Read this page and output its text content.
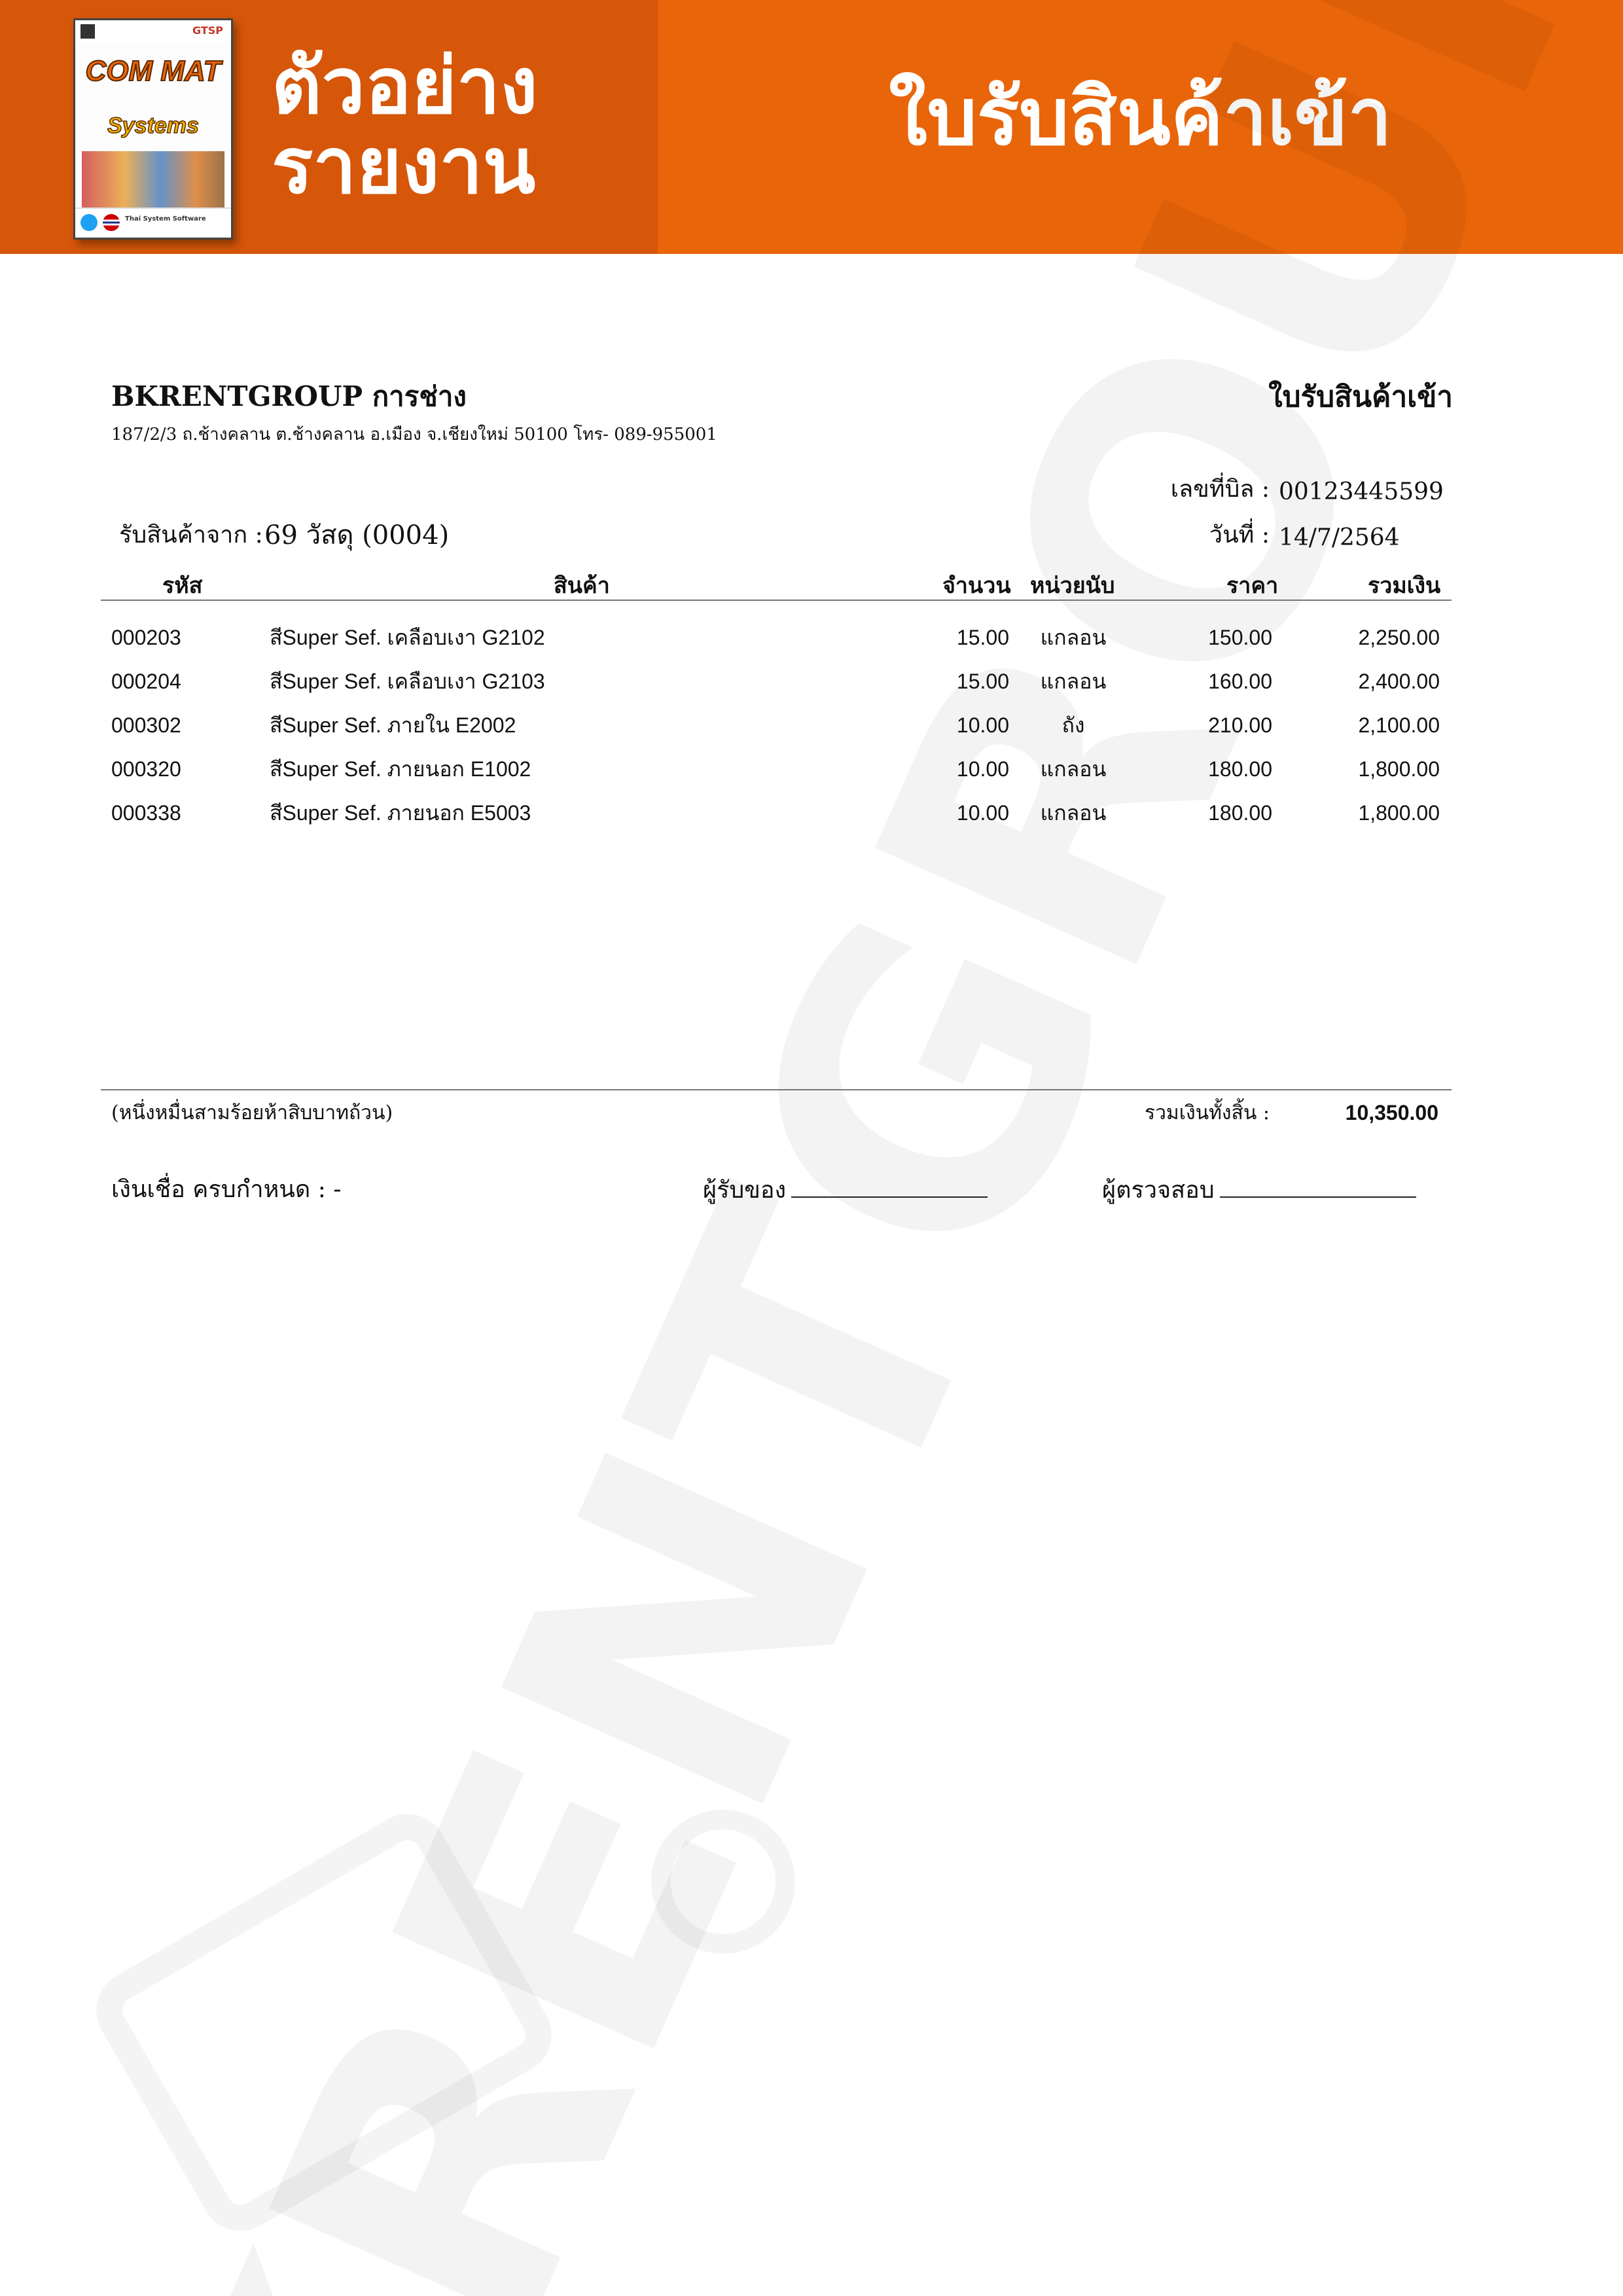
GTSP
COM MAT
Systems
Thai System Software
ตัวอย่าง
รายงาน
ใบรับสินค้าเข้า
BKRENTGROUP การช่าง
187/2/3 ถ.ช้างคลาน ต.ช้างคลาน อ.เมือง จ.เชียงใหม่ 50100 โทร- 089-955001
ใบรับสินค้าเข้า
เลขที่บิล : 00123445599
วันที่ : 14/7/2564
รับสินค้าจาก : 69 วัสดุ (0004)
รหัส	สินค้า	จำนวน หน่วยนับ	ราคา	รวมเงิน
000203	สีSuper Sef. เคลือบเงา G2102	15.00	แกลอน	150.00	2,250.00
000204	สีSuper Sef. เคลือบเงา G2103	15.00	แกลอน	160.00	2,400.00
000302	สีSuper Sef. ภายใน E2002	10.00	ถัง	210.00	2,100.00
000320	สีSuper Sef. ภายนอก E1002	10.00	แกลอน	180.00	1,800.00
000338	สีSuper Sef. ภายนอก E5003	10.00	แกลอน	180.00	1,800.00
(หนึ่งหมื่นสามร้อยห้าสิบบาทถ้วน)	รวมเงินทั้งสิ้น :	10,350.00
เงินเชื่อ ครบกำหนด : -	ผู้รับของ	ผู้ตรวจสอบ
